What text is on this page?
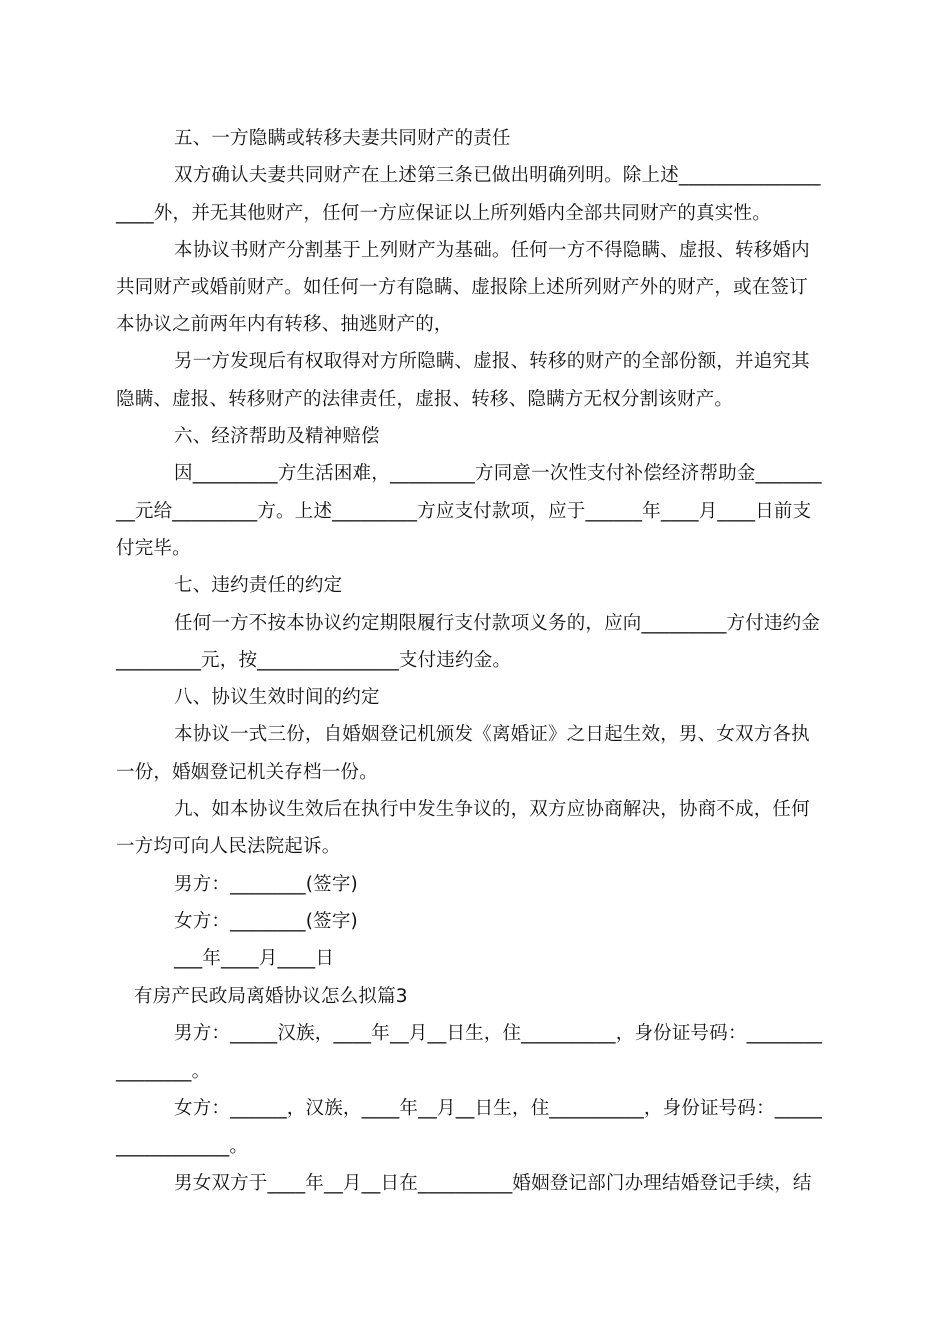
五、一方隐瞒或转移夫妻共同财产的责任
双方确认夫妻共同财产在上述第三条已做出明确列明。除上述_______________
____外，并无其他财产，任何一方应保证以上所列婚内全部共同财产的真实性。
本协议书财产分割基于上列财产为基础。任何一方不得隐瞒、虚报、转移婚内
共同财产或婚前财产。如任何一方有隐瞒、虚报除上述所列财产外的财产，或在签订
本协议之前两年内有转移、抽逃财产的，
另一方发现后有权取得对方所隐瞒、虚报、转移的财产的全部份额，并追究其
隐瞒、虚报、转移财产的法律责任，虚报、转移、隐瞒方无权分割该财产。
六、经济帮助及精神赔偿
因_________方生活困难，_________方同意一次性支付补偿经济帮助金_______
__元给_________方。上述_________方应支付款项，应于______年____月____日前支
付完毕。
七、违约责任的约定
任何一方不按本协议约定期限履行支付款项义务的，应向_________方付违约金
_________元，按_______________支付违约金。
八、协议生效时间的约定
本协议一式三份，自婚姻登记机颁发《离婚证》之日起生效，男、女双方各执
一份，婚姻登记机关存档一份。
九、如本协议生效后在执行中发生争议的，双方应协商解决，协商不成，任何
一方均可向人民法院起诉。
男方：________(签字)
女方：________(签字)
___年____月____日
有房产民政局离婚协议怎么拟篇3
男方：_____汉族，____年__月__日生，住__________，身份证号码：________
________。
女方：______，汉族，____年__月__日生，住__________，身份证号码：_____
____________。
男女双方于____年__月__日在__________婚姻登记部门办理结婚登记手续，结
